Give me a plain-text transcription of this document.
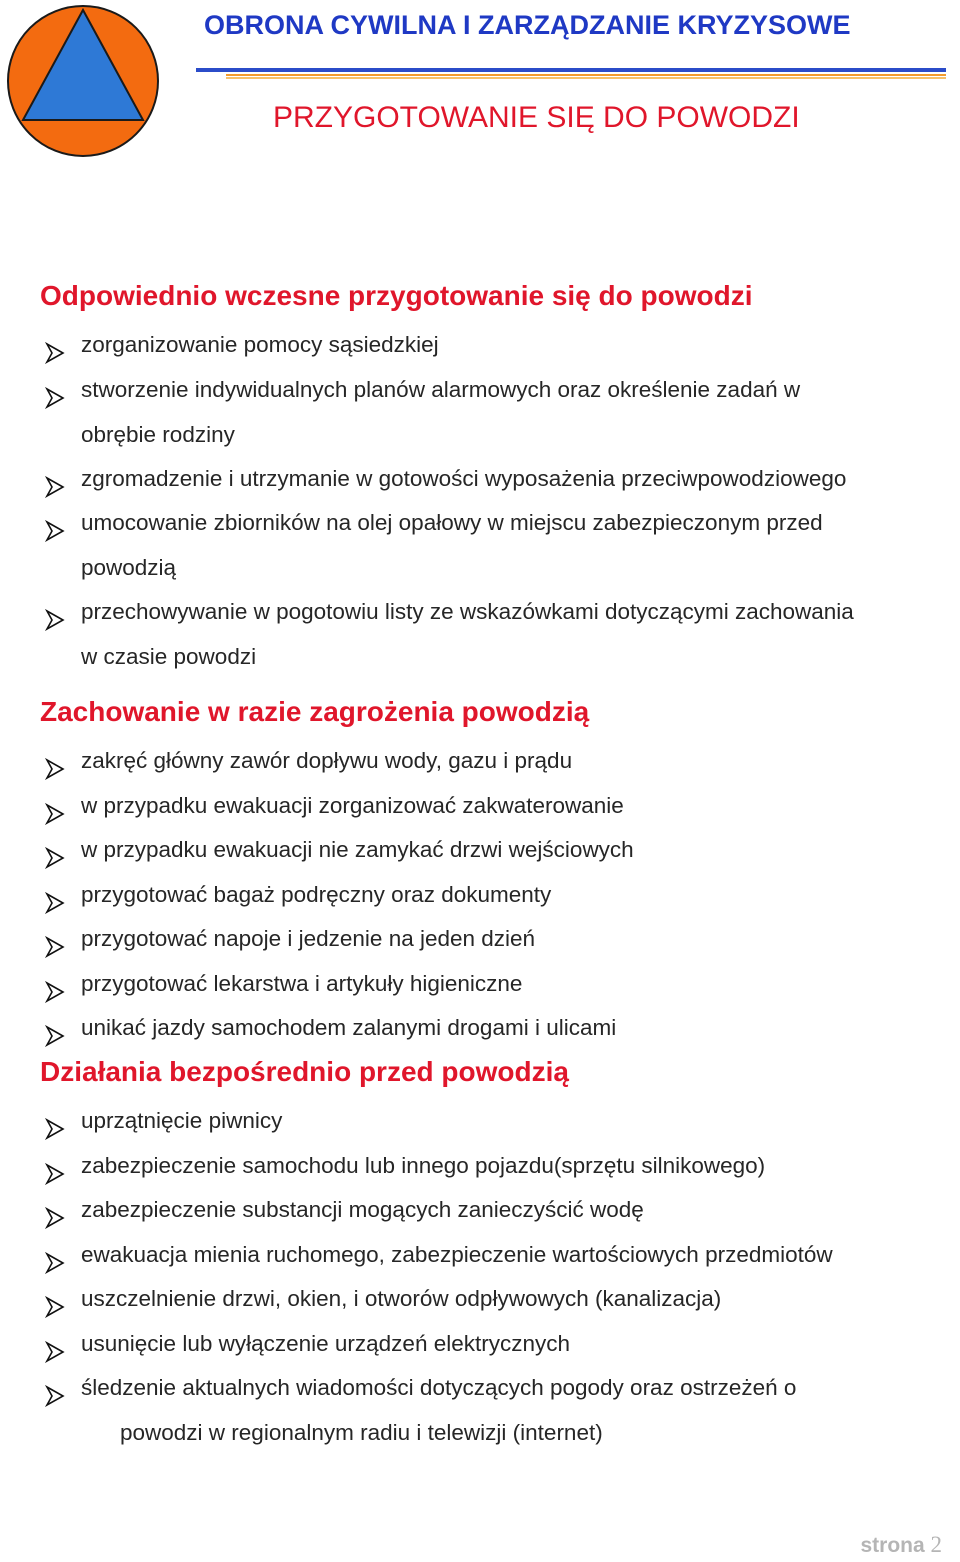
OBRONA CYWILNA I ZARZĄDZANIE KRYZYSOWE
PRZYGOTOWANIE SIĘ DO POWODZI
Odpowiednio wczesne przygotowanie się do powodzi
zorganizowanie pomocy sąsiedzkiej
stworzenie indywidualnych planów alarmowych oraz określenie zadań w
obrębie rodziny
zgromadzenie i utrzymanie w gotowości wyposażenia przeciwpowodziowego
umocowanie zbiorników na olej opałowy w miejscu zabezpieczonym przed
powodzią
przechowywanie w pogotowiu listy ze wskazówkami dotyczącymi zachowania
w czasie powodzi
Zachowanie w razie zagrożenia powodzią
zakręć główny zawór dopływu wody, gazu i prądu
w przypadku ewakuacji zorganizować zakwaterowanie
w przypadku ewakuacji nie zamykać drzwi wejściowych
przygotować bagaż podręczny oraz dokumenty
przygotować napoje i jedzenie na jeden dzień
przygotować lekarstwa i artykuły higieniczne
unikać jazdy samochodem zalanymi drogami i ulicami
Działania bezpośrednio przed powodzią
uprzątnięcie piwnicy
zabezpieczenie samochodu lub innego pojazdu(sprzętu silnikowego)
zabezpieczenie substancji mogących zanieczyścić wodę
ewakuacja mienia ruchomego, zabezpieczenie wartościowych przedmiotów
uszczelnienie drzwi, okien, i otworów odpływowych (kanalizacja)
usunięcie lub wyłączenie urządzeń elektrycznych
śledzenie aktualnych wiadomości dotyczących pogody oraz ostrzeżeń o
powodzi w regionalnym radiu i telewizji (internet)
strona 2
